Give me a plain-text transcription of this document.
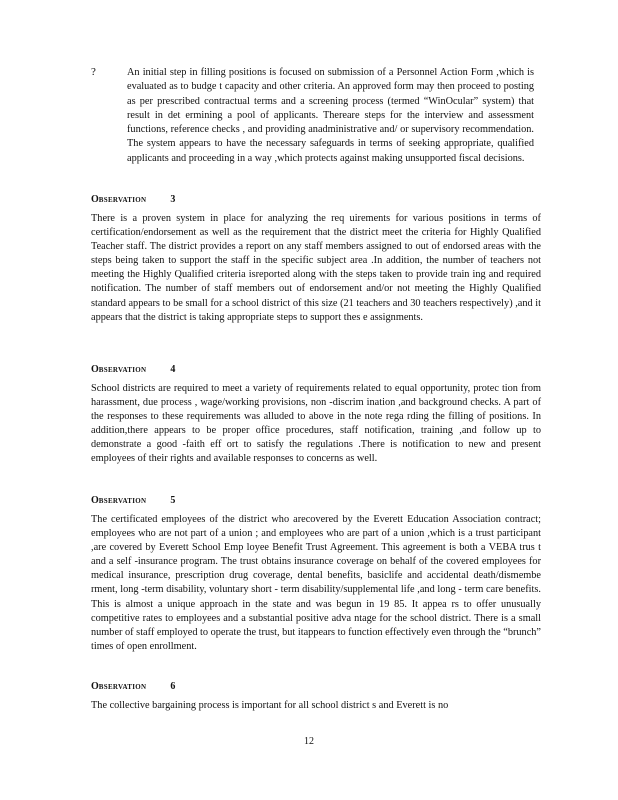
?	An initial step in filling positions is focused on submission of a Personnel Action Form ,which is evaluated as to budge t capacity and other criteria. An approved form may then proceed to posting as per prescribed contractual terms and a screening process (termed “WinOcular” system) that result in det ermining a pool of applicants. Thereare steps for the interview and assessment functions, reference checks , and providing anadministrative and/ or supervisory recommendation. The system appears to have the necessary safeguards in terms of seeking appropriate, qualified applicants and proceeding in a way ,which protects against making unsupported fiscal decisions.
OBSERVATION 3
There is a proven system in place for analyzing the req uirements for various positions in terms of certification/endorsement as well as the requirement that the district meet the criteria for Highly Qualified Teacher staff. The district provides a report on any staff members assigned to out of endorsed areas with the steps being taken to support the staff in the specific subject area .In addition, the number of teachers not meeting the Highly Qualified criteria isreported along with the steps taken to provide train ing and required notification. The number of staff members out of endorsement and/or not meeting the Highly Qualified standard appears to be small for a school district of this size (21 teachers and 30 teachers respectively) ,and it appears that the district is taking appropriate steps to support thes e assignments.
OBSERVATION 4
School districts are required to meet a variety of requirements related to equal opportunity, protec tion from harassment, due process , wage/working provisions, non -discrim ination ,and background checks. A part of the responses to these requirements was alluded to above in the note rega rding the filling of positions. In addition,there appears to be proper office procedures, staff notification, training ,and follow up to demonstrate a good -faith eff ort to satisfy the regulations .There is notification to new and present employees of their rights and available responses to concerns as well.
OBSERVATION 5
The certificated employees of the district who arecovered by the Everett Education Association contract; employees who are not part of a union ; and employees who are part of a union ,which is a trust participant ,are covered by Everett School Emp loyee Benefit Trust Agreement. This agreement is both a VEBA trus t and a self -insurance program. The trust obtains insurance coverage on behalf of the covered employees for medical insurance, prescription drug coverage, dental benefits, basiclife and accidental death/dismembe rment, long -term disability, voluntary short - term disability/supplemental life ,and long - term care benefits. This is almost a unique approach in the state and was begun in 19 85. It appea rs to offer unusually competitive rates to employees and a substantial positive adva ntage for the school district. There is a small number of staff employed to operate the trust, but itappears to function effectively even through the “brunch” times of open enrollment.
OBSERVATION 6
The collective bargaining process is important for all school district s and Everett is no
12
